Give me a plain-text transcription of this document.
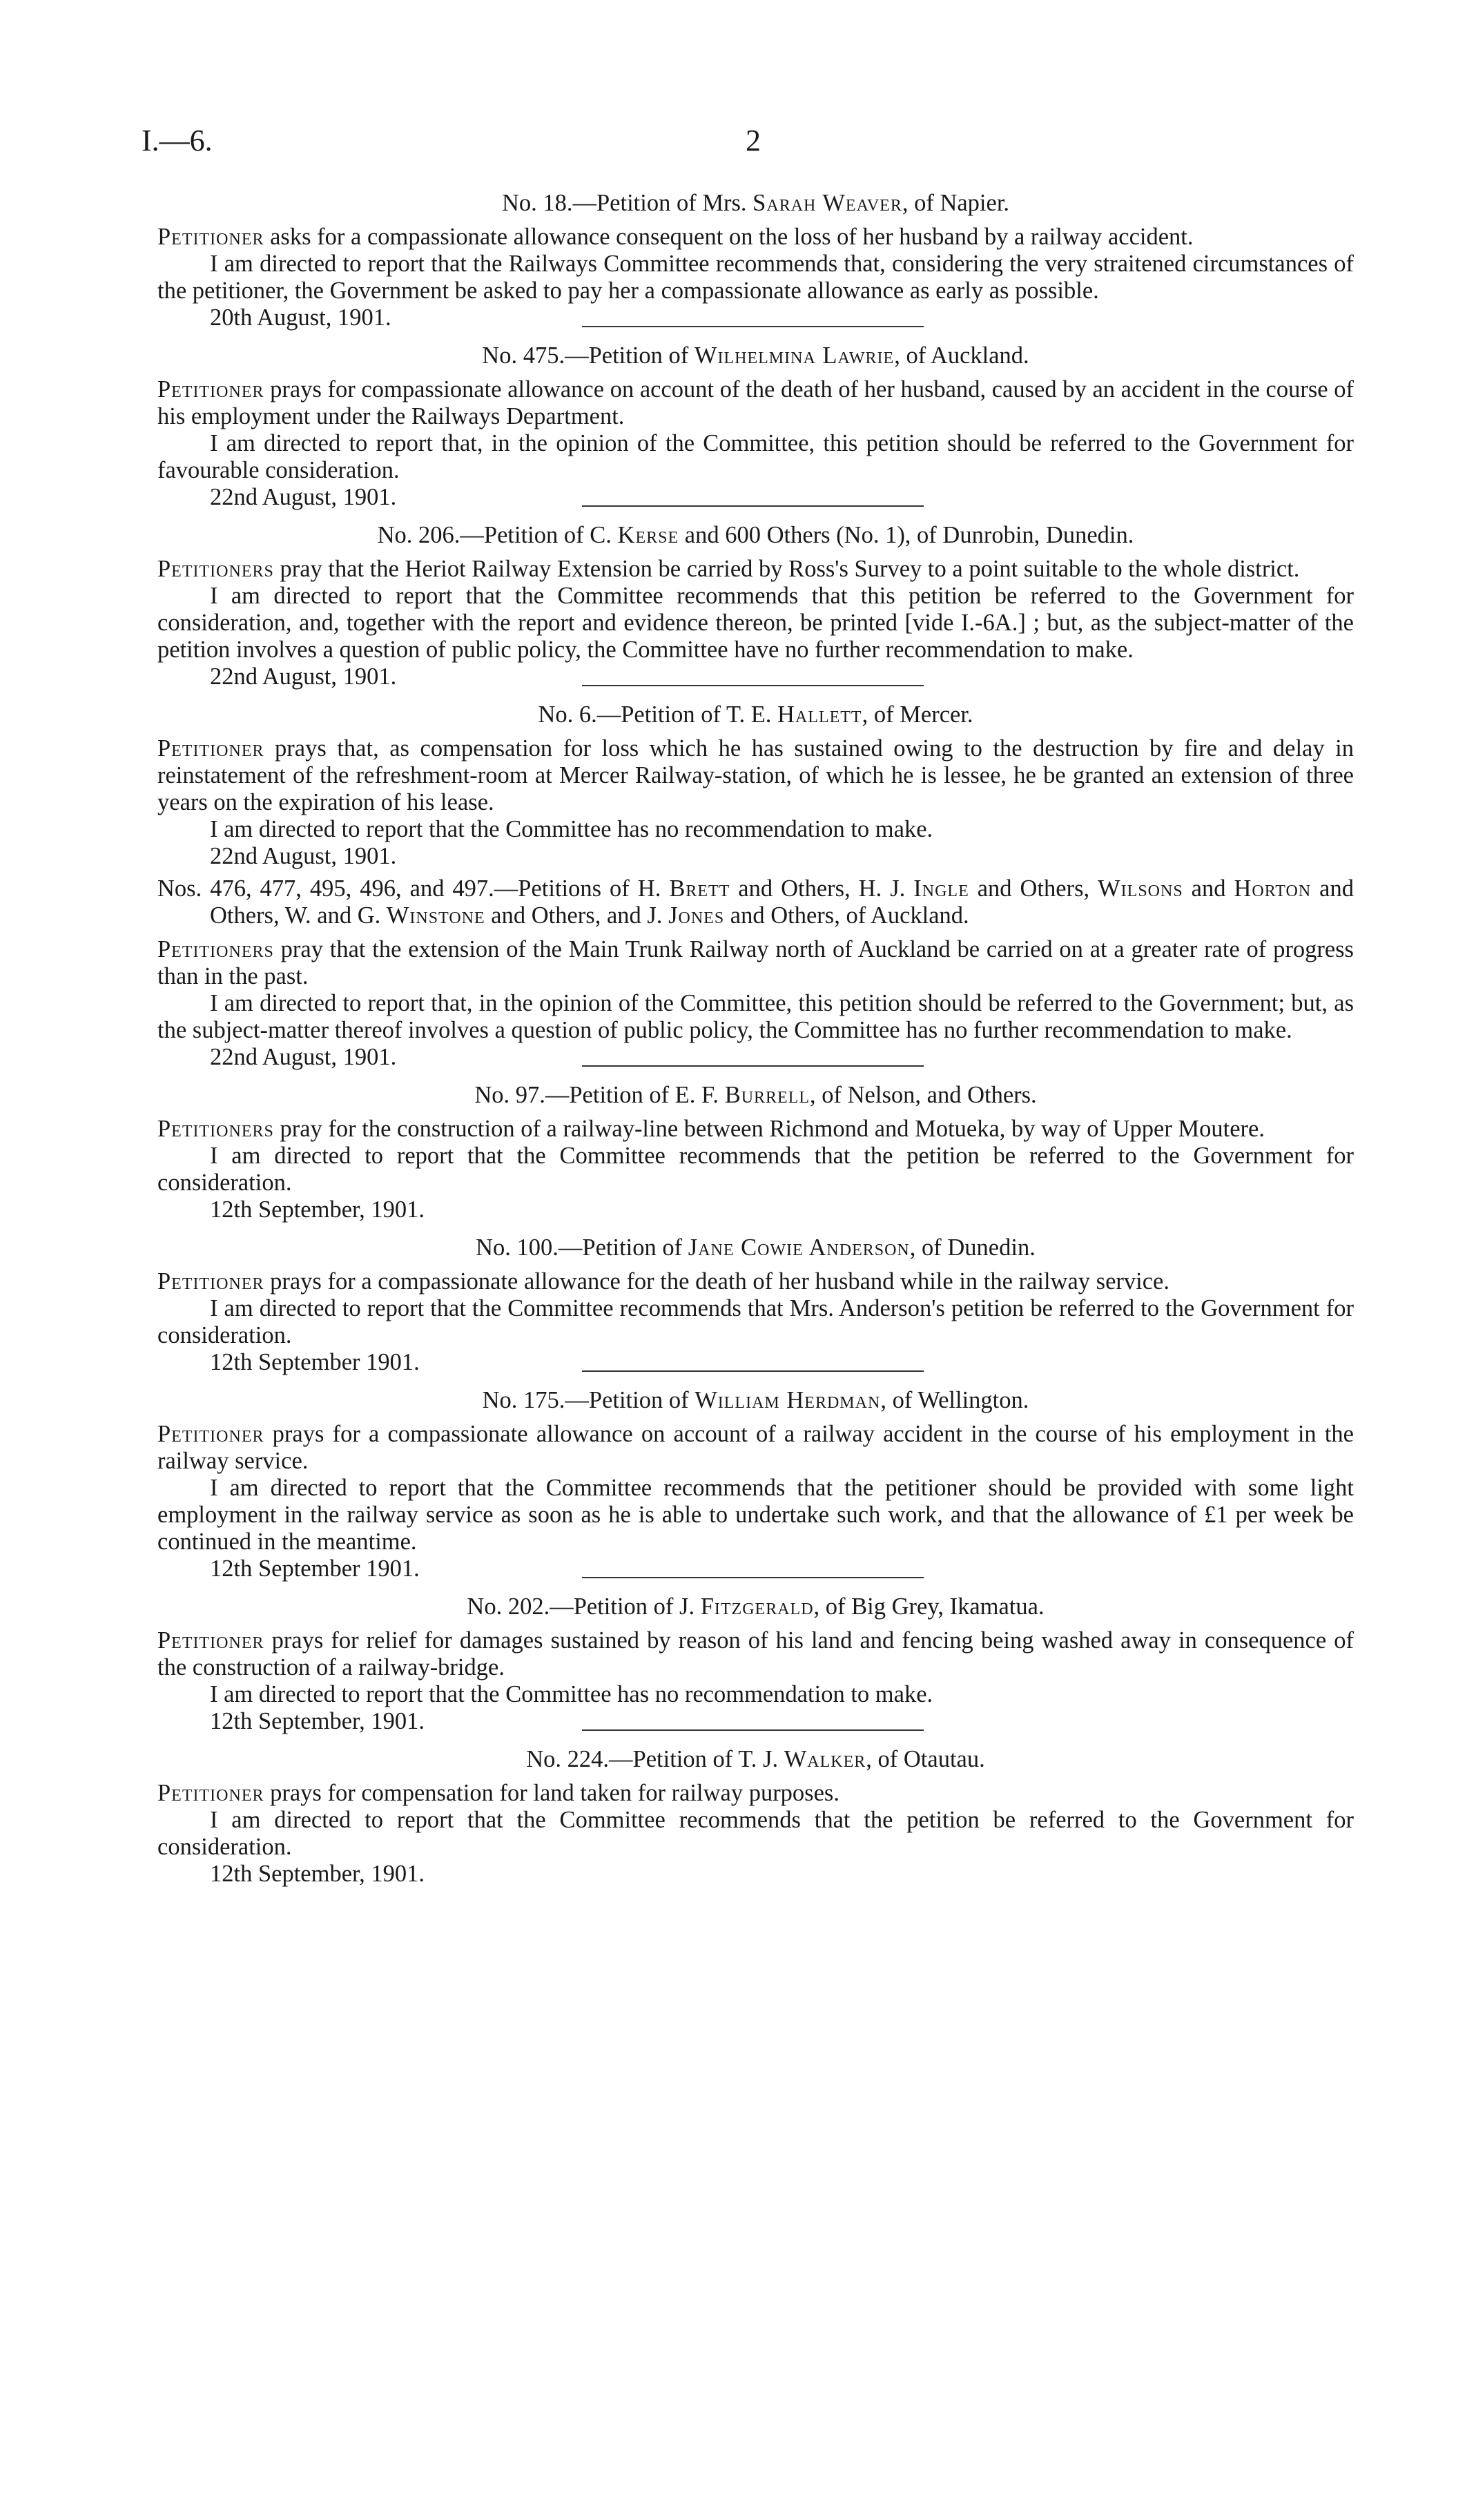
I.—6.	2

No. 18.—Petition of Mrs. Sarah Weaver, of Napier.

Petitioner asks for a compassionate allowance consequent on the loss of her husband by a railway accident.

I am directed to report that the Railways Committee recommends that, considering the very straitened circumstances of the petitioner, the Government be asked to pay her a compassionate allowance as early as possible.

20th August, 1901.

No. 475.—Petition of Wilhelmina Lawrie, of Auckland.

Petitioner prays for compassionate allowance on account of the death of her husband, caused by an accident in the course of his employment under the Railways Department.

I am directed to report that, in the opinion of the Committee, this petition should be referred to the Government for favourable consideration.

22nd August, 1901.

No. 206.—Petition of C. Kerse and 600 Others (No. 1), of Dunrobin, Dunedin.

Petitioners pray that the Heriot Railway Extension be carried by Ross's Survey to a point suitable to the whole district.

I am directed to report that the Committee recommends that this petition be referred to the Government for consideration, and, together with the report and evidence thereon, be printed [vide I.-6A.] ; but, as the subject-matter of the petition involves a question of public policy, the Committee have no further recommendation to make.

22nd August, 1901.

No. 6.—Petition of T. E. Hallett, of Mercer.

Petitioner prays that, as compensation for loss which he has sustained owing to the destruction by fire and delay in reinstatement of the refreshment-room at Mercer Railway-station, of which he is lessee, he be granted an extension of three years on the expiration of his lease.

I am directed to report that the Committee has no recommendation to make.

22nd August, 1901.

Nos. 476, 477, 495, 496, and 497.—Petitions of H. Brett and Others, H. J. Ingle and Others, Wilsons and Horton and Others, W. and G. Winstone and Others, and J. Jones and Others, of Auckland.

Petitioners pray that the extension of the Main Trunk Railway north of Auckland be carried on at a greater rate of progress than in the past.

I am directed to report that, in the opinion of the Committee, this petition should be referred to the Government; but, as the subject-matter thereof involves a question of public policy, the Committee has no further recommendation to make.

22nd August, 1901.

No. 97.—Petition of E. F. Burrell, of Nelson, and Others.

Petitioners pray for the construction of a railway-line between Richmond and Motueka, by way of Upper Moutere.

I am directed to report that the Committee recommends that the petition be referred to the Government for consideration.

12th September, 1901.

No. 100.—Petition of Jane Cowie Anderson, of Dunedin.

Petitioner prays for a compassionate allowance for the death of her husband while in the railway service.

I am directed to report that the Committee recommends that Mrs. Anderson's petition be referred to the Government for consideration.

12th September 1901.

No. 175.—Petition of William Herdman, of Wellington.

Petitioner prays for a compassionate allowance on account of a railway accident in the course of his employment in the railway service.

I am directed to report that the Committee recommends that the petitioner should be provided with some light employment in the railway service as soon as he is able to undertake such work, and that the allowance of £1 per week be continued in the meantime.

12th September 1901.

No. 202.—Petition of J. Fitzgerald, of Big Grey, Ikamatua.

Petitioner prays for relief for damages sustained by reason of his land and fencing being washed away in consequence of the construction of a railway-bridge.

I am directed to report that the Committee has no recommendation to make.

12th September, 1901.

No. 224.—Petition of T. J. Walker, of Otautau.

Petitioner prays for compensation for land taken for railway purposes.

I am directed to report that the Committee recommends that the petition be referred to the Government for consideration.

12th September, 1901.
